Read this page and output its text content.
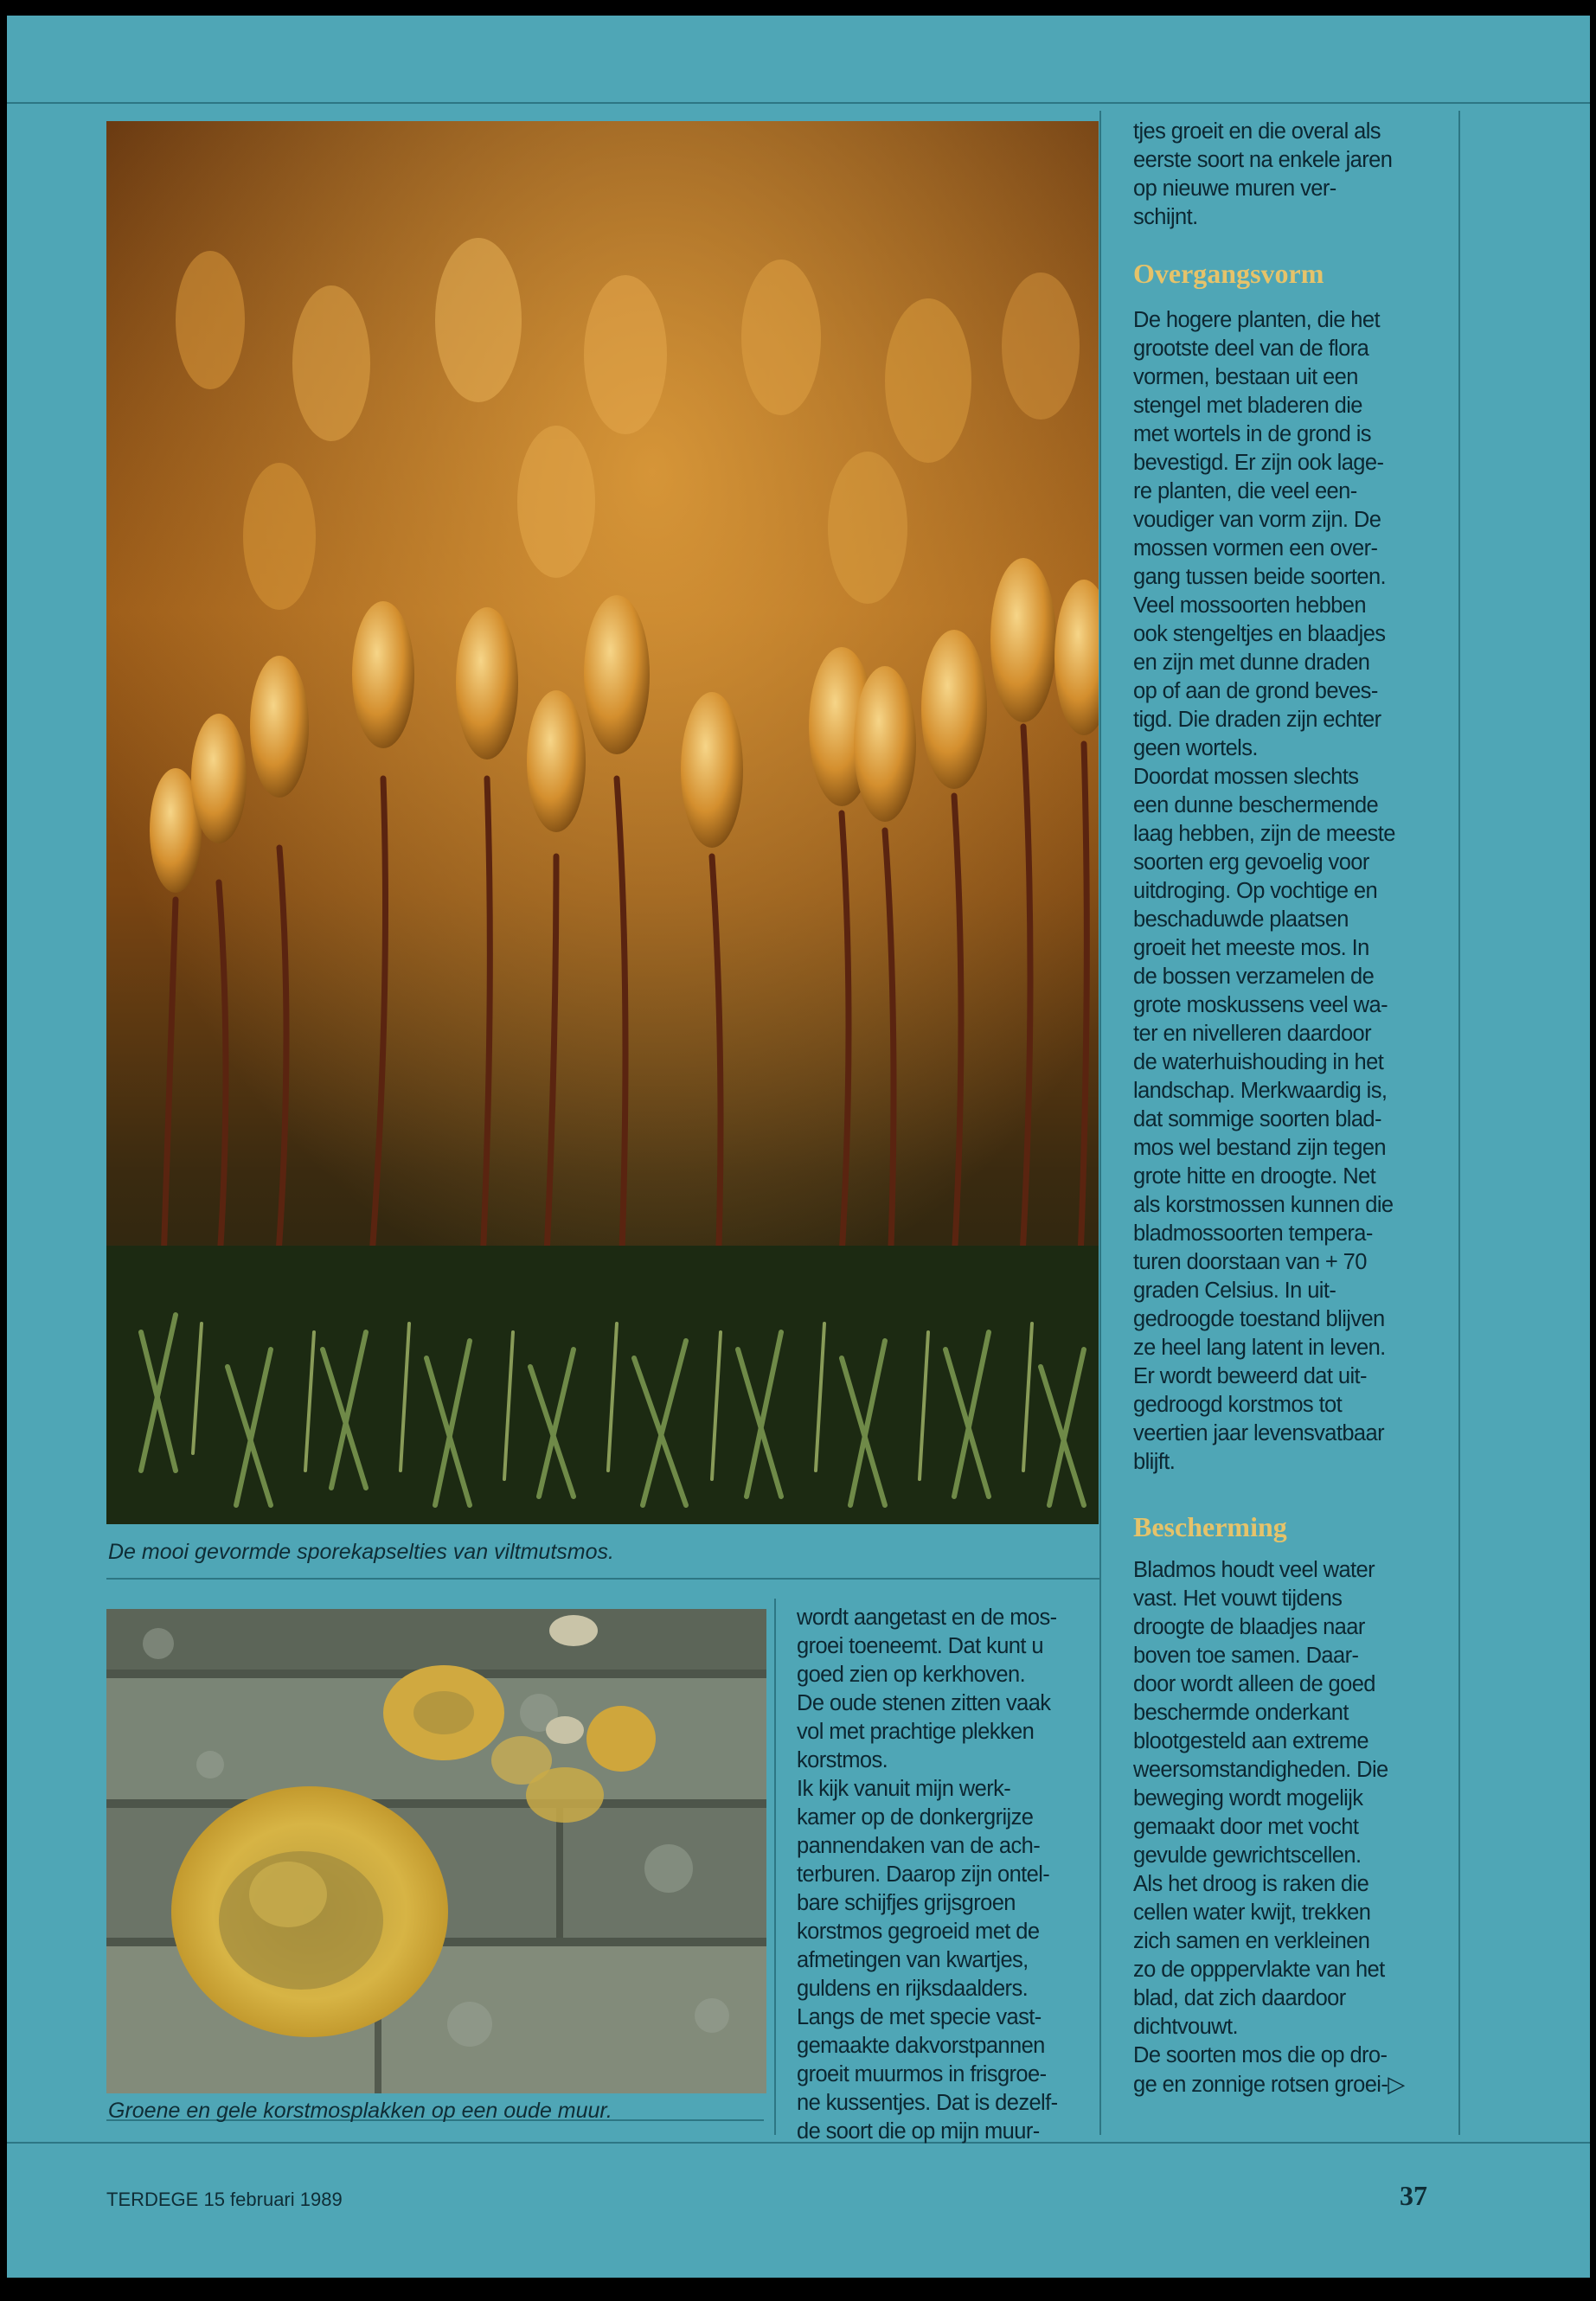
De mooi gevormde sporekapselties van viltmutsmos.
Groene en gele korstmosplakken op een oude muur.

wordt aangetast en de mos-

groei toeneemt. Dat kunt u

goed zien op kerkhoven.

De oude stenen zitten vaak

vol met prachtige plekken

korstmos.

Ik kijk vanuit mijn werk-

kamer op de donkergrijze

pannendaken van de ach-

terburen. Daarop zijn ontel-

bare schijfjes grijsgroen

korstmos gegroeid met de

afmetingen van kwartjes,

guldens en rijksdaalders.

Langs de met specie vast-

gemaakte dakvorstpannen

groeit muurmos in frisgroe-

ne kussentjes. Dat is dezelf-

de soort die op mijn muur-

tjes groeit en die overal als

eerste soort na enkele jaren

op nieuwe muren ver-

schijnt.

Overgangsvorm

De hogere planten, die het

grootste deel van de flora

vormen, bestaan uit een

stengel met bladeren die

met wortels in de grond is

bevestigd. Er zijn ook lage-

re planten, die veel een-

voudiger van vorm zijn. De

mossen vormen een over-

gang tussen beide soorten.

Veel mossoorten hebben

ook stengeltjes en blaadjes

en zijn met dunne draden

op of aan de grond beves-

tigd. Die draden zijn echter

geen wortels.

Doordat mossen slechts

een dunne beschermende

laag hebben, zijn de meeste

soorten erg gevoelig voor

uitdroging. Op vochtige en

beschaduwde plaatsen

groeit het meeste mos. In

de bossen verzamelen de

grote moskussens veel wa-

ter en nivelleren daardoor

de waterhuishouding in het

landschap. Merkwaardig is,

dat sommige soorten blad-

mos wel bestand zijn tegen

grote hitte en droogte. Net

als korstmossen kunnen die

bladmossoorten tempera-

turen doorstaan van + 70

graden Celsius. In uit-

gedroogde toestand blijven

ze heel lang latent in leven.

Er wordt beweerd dat uit-

gedroogd korstmos tot

veertien jaar levensvatbaar

blijft.

Bescherming

Bladmos houdt veel water

vast. Het vouwt tijdens

droogte de blaadjes naar

boven toe samen. Daar-

door wordt alleen de goed

beschermde onderkant

blootgesteld aan extreme

weersomstandigheden. Die

beweging wordt mogelijk

gemaakt door met vocht

gevulde gewrichtscellen.

Als het droog is raken die

cellen water kwijt, trekken

zich samen en verkleinen

zo de opppervlakte van het

blad, dat zich daardoor

dichtvouwt.

De soorten mos die op dro-

ge en zonnige rotsen groei-▷

TERDEGE 15 februari 1989	37
